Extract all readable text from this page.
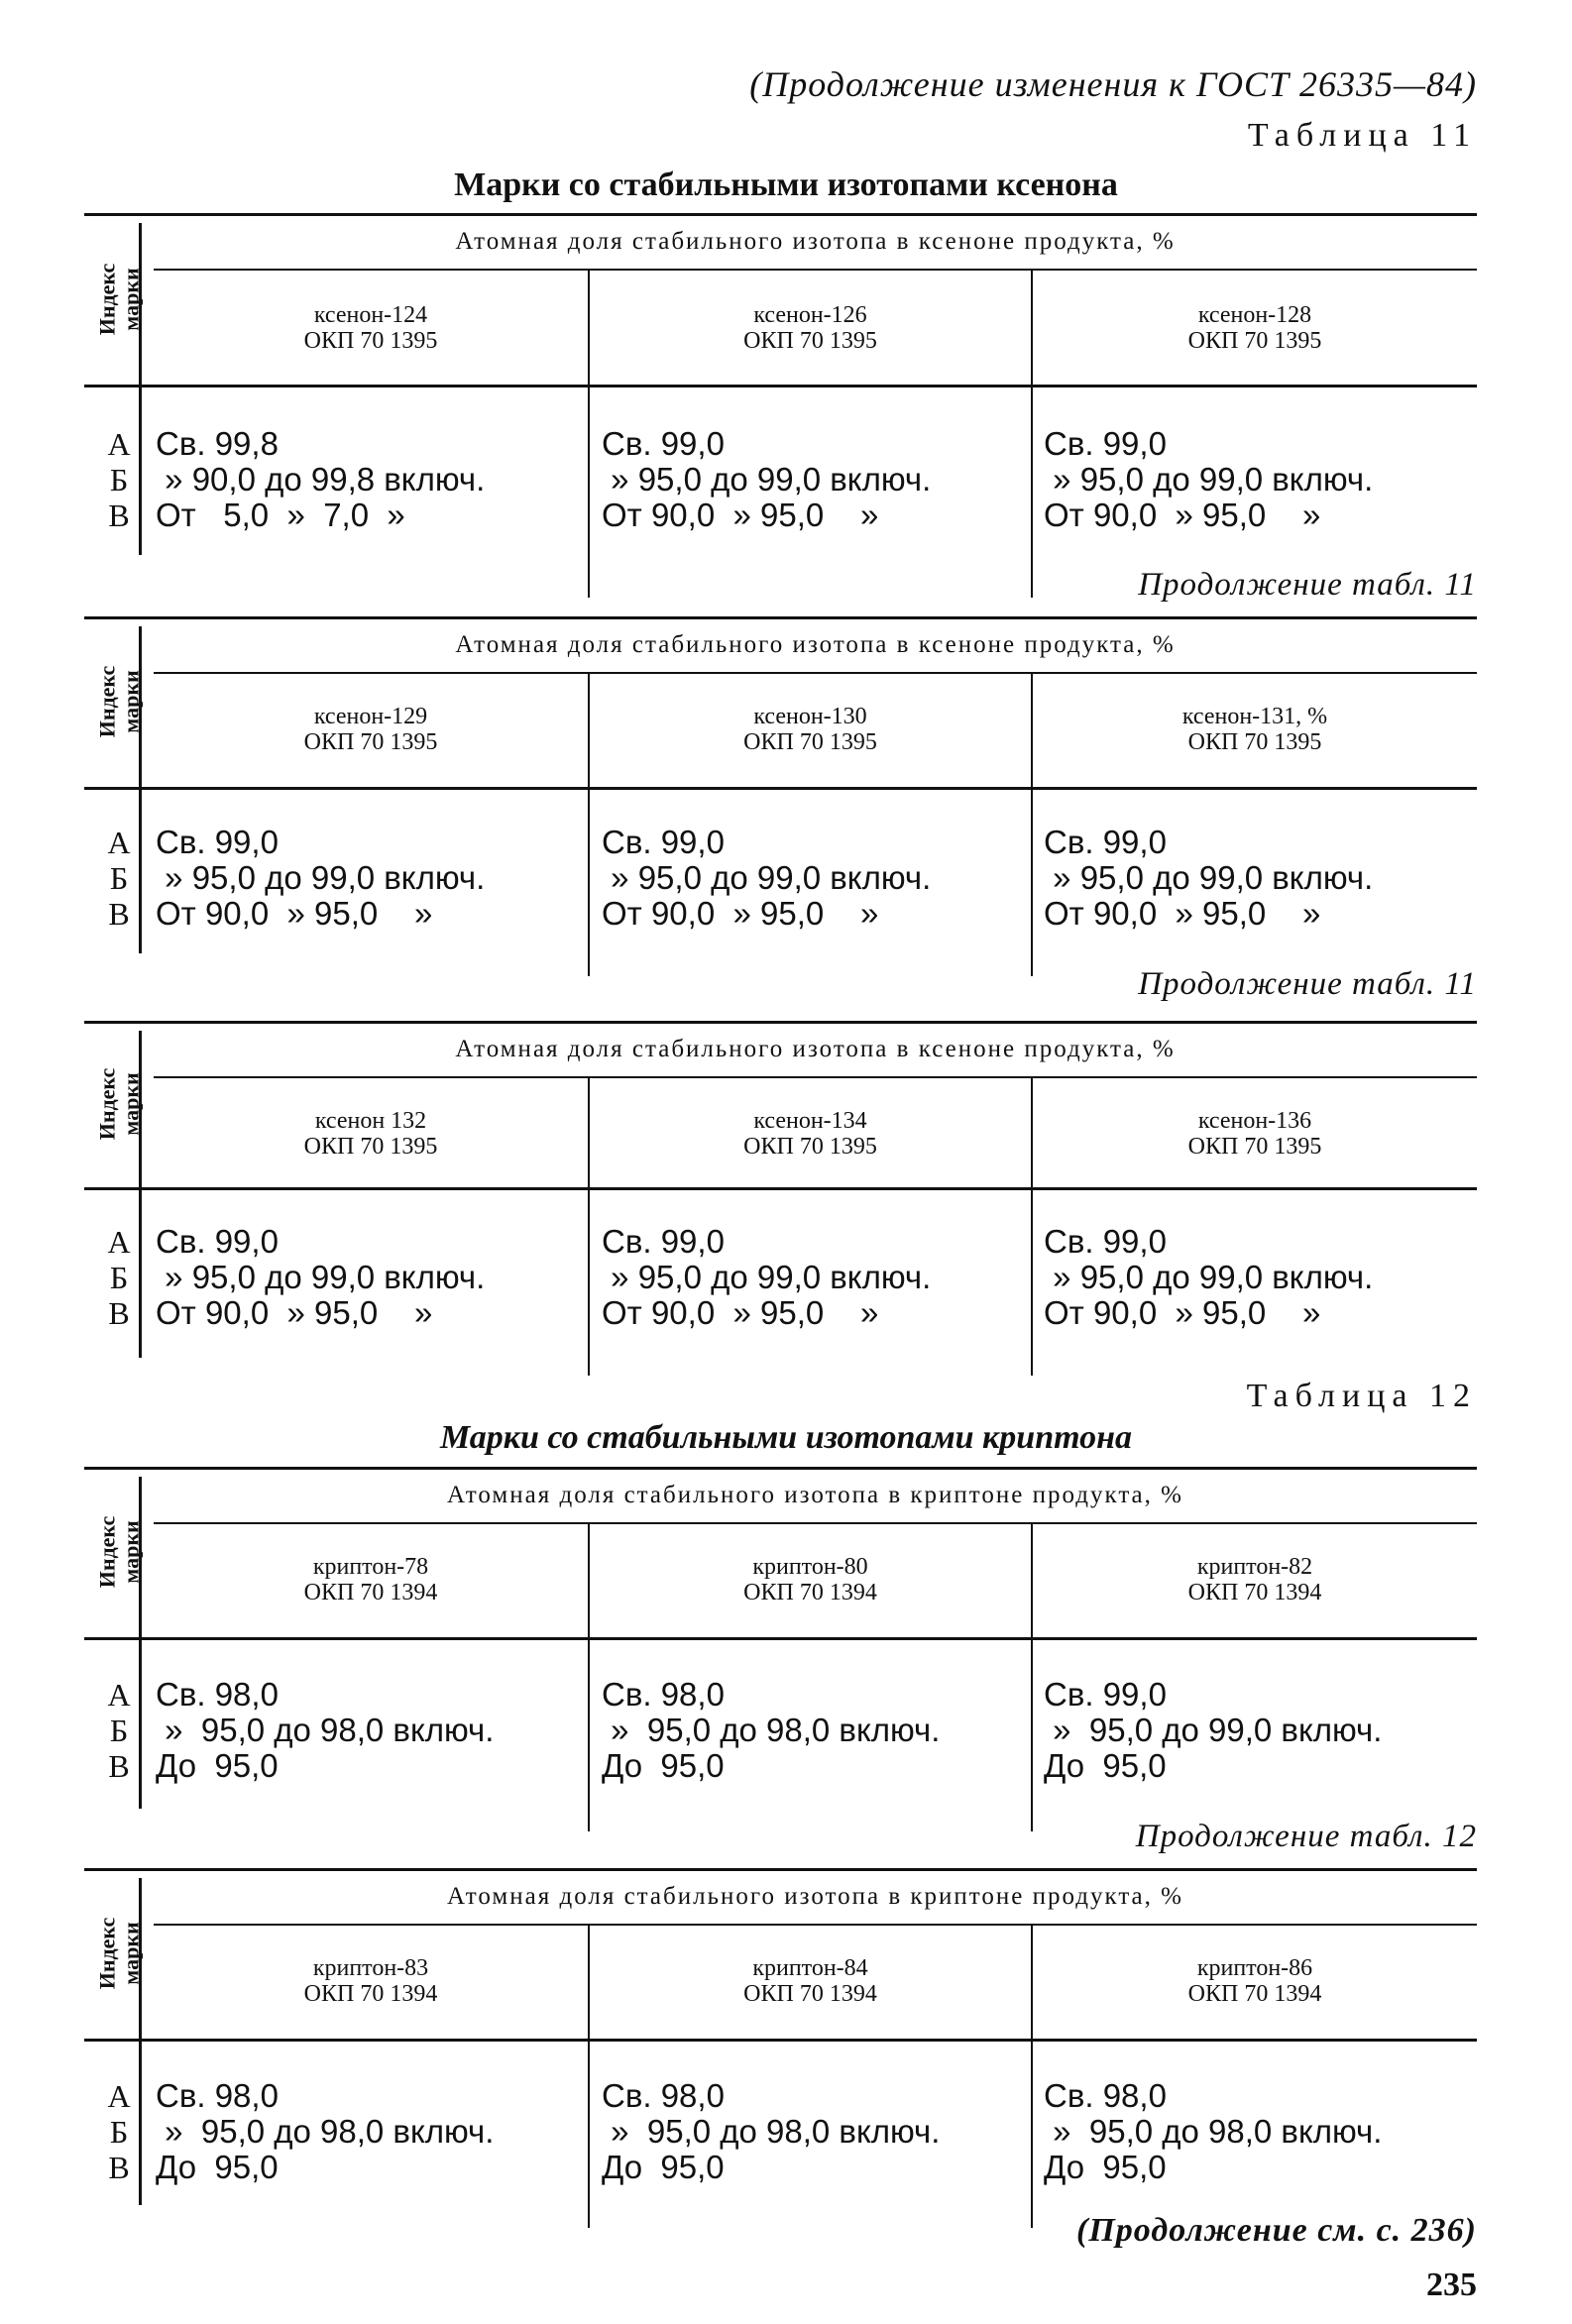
(Продолжение изменения к ГОСТ 26335—84)
Таблица 11
Марки со стабильными изотопами ксенона
Индекс
марки
Атомная доля стабильного изотопа в ксеноне продукта, %
ксенон-124
ОКП 70 1395
ксенон-126
ОКП 70 1395
ксенон-128
ОКП 70 1395
А
Б
В
Св. 99,8
» 90,0 до 99,8 включ.
От   5,0  »  7,0  »
Св. 99,0
» 95,0 до 99,0 включ.
От 90,0  » 95,0    »
Св. 99,0
» 95,0 до 99,0 включ.
От 90,0  » 95,0    »
Продолжение табл. 11
Индекс
марки
Атомная доля стабильного изотопа в ксеноне продукта, %
ксенон-129
ОКП 70 1395
ксенон-130
ОКП 70 1395
ксенон-131, %
ОКП 70 1395
А
Б
В
Св. 99,0
» 95,0 до 99,0 включ.
От 90,0  » 95,0    »
Св. 99,0
» 95,0 до 99,0 включ.
От 90,0  » 95,0    »
Св. 99,0
» 95,0 до 99,0 включ.
От 90,0  » 95,0    »
Продолжение табл. 11
Индекс
марки
Атомная доля стабильного изотопа в ксеноне продукта, %
ксенон 132
ОКП 70 1395
ксенон-134
ОКП 70 1395
ксенон-136
ОКП 70 1395
А
Б
В
Св. 99,0
» 95,0 до 99,0 включ.
От 90,0  » 95,0    »
Св. 99,0
» 95,0 до 99,0 включ.
От 90,0  » 95,0    »
Св. 99,0
» 95,0 до 99,0 включ.
От 90,0  » 95,0    »
Таблица 12
Марки со стабильными изотопами криптона
Индекс
марки
Атомная доля стабильного изотопа в криптоне продукта, %
криптон-78
ОКП 70 1394
криптон-80
ОКП 70 1394
криптон-82
ОКП 70 1394
А
Б
В
Св. 98,0
»  95,0 до 98,0 включ.
До  95,0
Св. 98,0
»  95,0 до 98,0 включ.
До  95,0
Св. 99,0
»  95,0 до 99,0 включ.
До  95,0
Продолжение табл. 12
Индекс
марки
Атомная доля стабильного изотопа в криптоне продукта, %
криптон-83
ОКП 70 1394
криптон-84
ОКП 70 1394
криптон-86
ОКП 70 1394
А
Б
В
Св. 98,0
»  95,0 до 98,0 включ.
До  95,0
Св. 98,0
»  95,0 до 98,0 включ.
До  95,0
Св. 98,0
»  95,0 до 98,0 включ.
До  95,0
(Продолжение см. с. 236)
235
